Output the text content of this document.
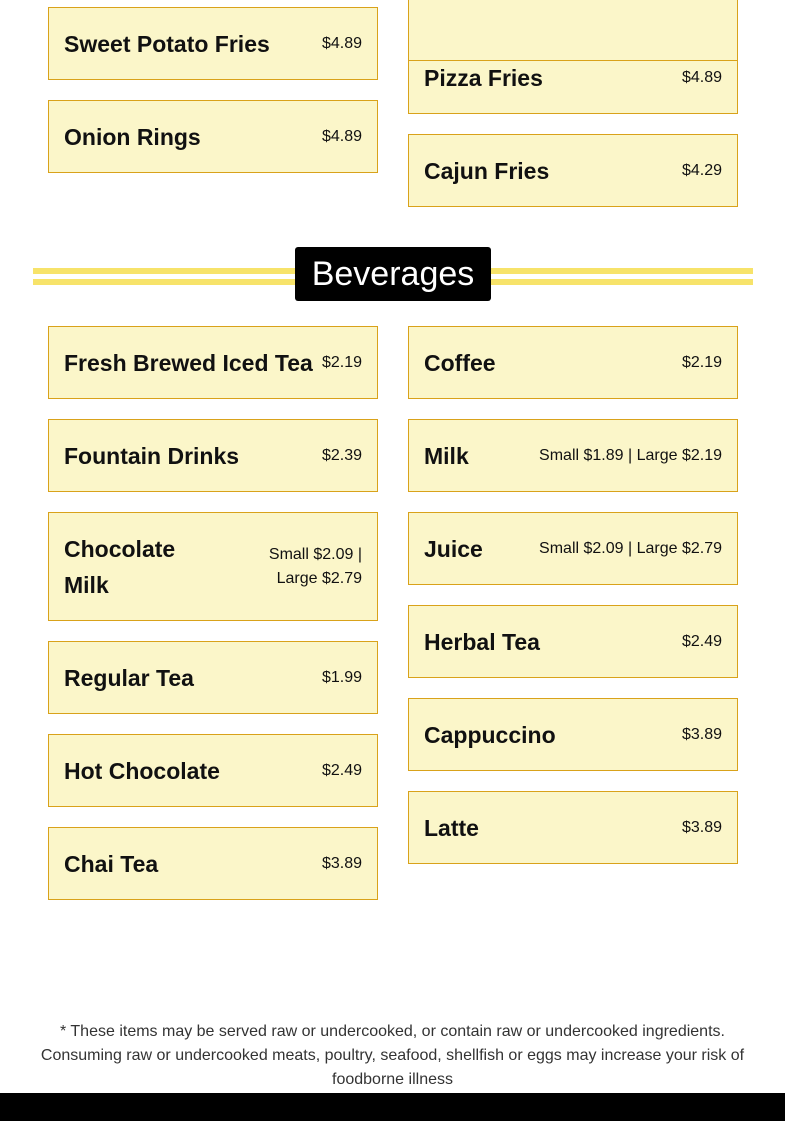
Sweet Potato Fries	$4.89
Onion Rings	$4.89
Pizza Fries	$4.89
Cajun Fries	$4.29
Beverages
Fresh Brewed Iced Tea $2.19
Fountain Drinks	$2.39
Chocolate Milk
Small $2.09 | Large $2.79
Regular Tea	$1.99
Hot Chocolate	$2.49
Chai Tea	$3.89
Coffee	$2.19
Milk	Small $1.89 | Large $2.19
Juice	Small $2.09 | Large $2.79
Herbal Tea	$2.49
Cappuccino	$3.89
Latte	$3.89
* These items may be served raw or undercooked, or contain raw or undercooked ingredients. Consuming raw or undercooked meats, poultry, seafood, shellfish or eggs may increase your risk of foodborne illness
